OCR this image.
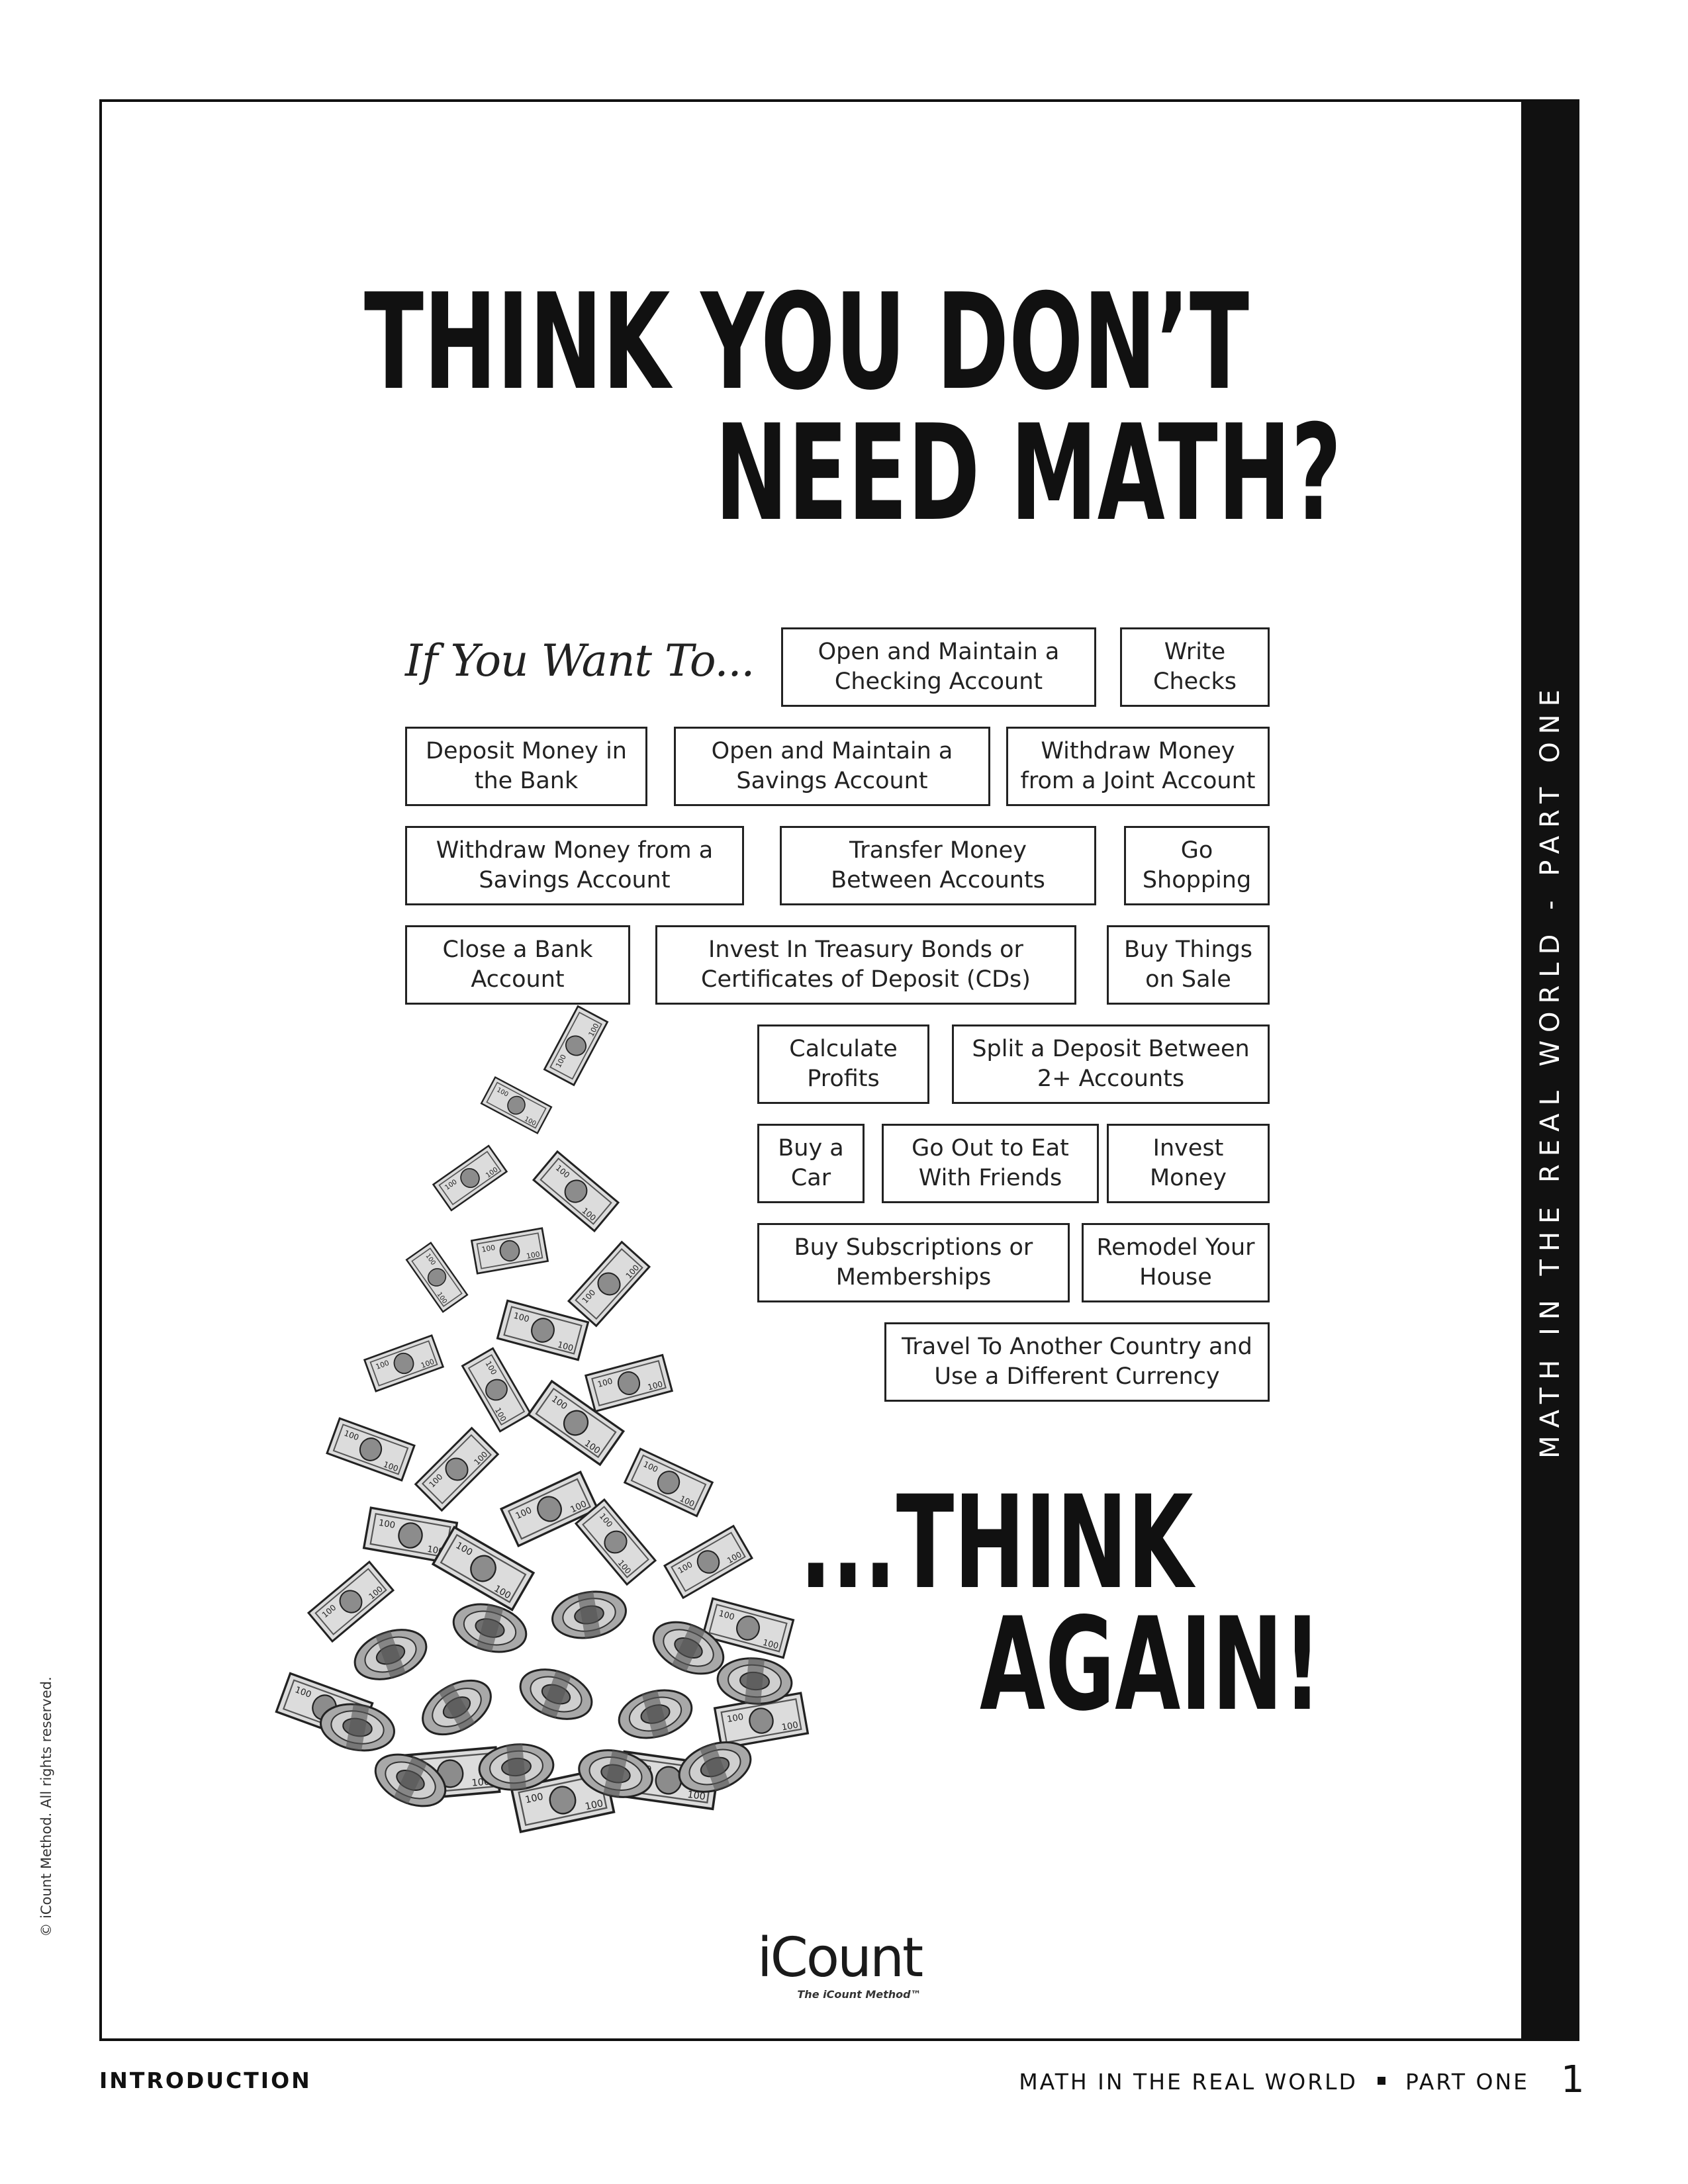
MATH IN THE REAL WORLD - PART ONE
THINK YOU DON’T
NEED MATH?
If You Want To...	Open and Maintain a
Checking Account
Write
Checks
Deposit Money in
the Bank
Open and Maintain a
Savings Account
Withdraw Money
from a Joint Account
Withdraw Money from a
Savings Account
Transfer Money
Between Accounts
Go
Shopping
Close a Bank
Account
Invest In Treasury Bonds or
Certificates of Deposit (CDs)
Buy Things
on Sale
Calculate
Profits
Split a Deposit Between
2+ Accounts
Buy a
Car
Go Out to Eat
With Friends
Invest
Money
Buy Subscriptions or
Memberships
Remodel Your
House
Travel To Another Country and
Use a Different Currency
100
...THINK
AGAIN!
iCount
The iCount Method™
© iCount Method. All rights reserved.
INTRODUCTION	MATH IN THE REAL WORLD PART ONE 1
